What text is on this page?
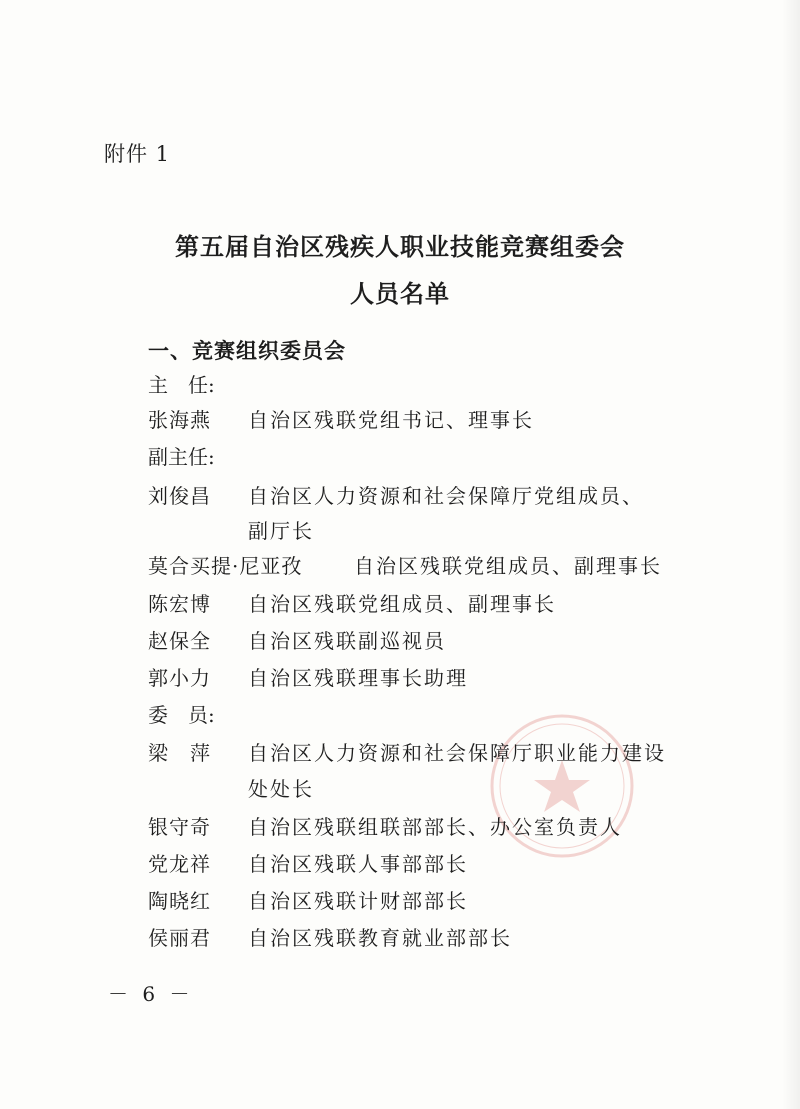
附件 1
第五届自治区残疾人职业技能竞赛组委会
人员名单
一、竞赛组织委员会
主　任:
张海燕 自治区残联党组书记、理事长
副主任:
刘俊昌 自治区人力资源和社会保障厅党组成员、
副厅长
莫合买提·尼亚孜	自治区残联党组成员、副理事长
陈宏博 自治区残联党组成员、副理事长
赵保全 自治区残联副巡视员
郭小力 自治区残联理事长助理
委　员:
梁　萍 自治区人力资源和社会保障厅职业能力建设
处处长
银守奇 自治区残联组联部部长、办公室负责人
党龙祥 自治区残联人事部部长
陶晓红 自治区残联计财部部长
侯丽君 自治区残联教育就业部部长
－ 6 －
